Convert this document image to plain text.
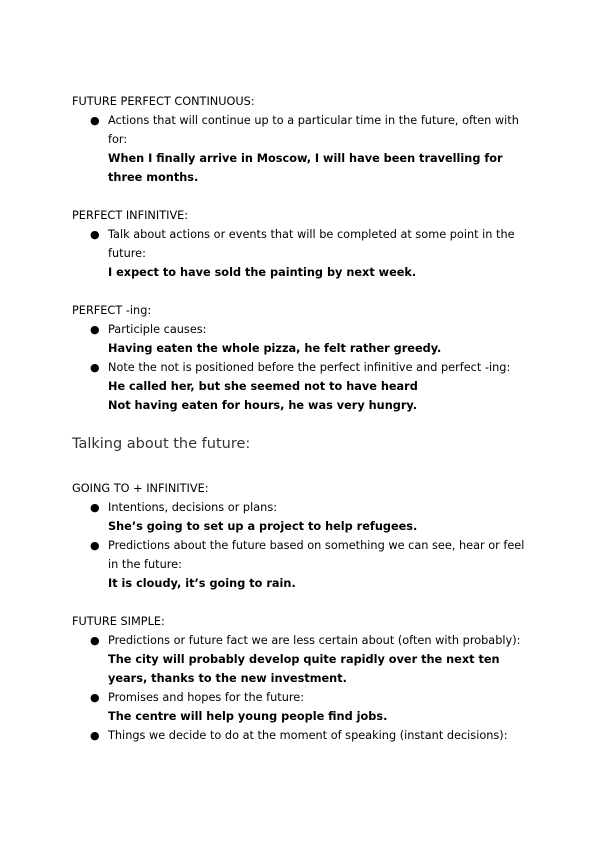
FUTURE PERFECT CONTINUOUS:

● Actions that will continue up to a particular time in the future, often with for:
When I finally arrive in Moscow, I will have been travelling for three months.

PERFECT INFINITIVE:

● Talk about actions or events that will be completed at some point in the future:
I expect to have sold the painting by next week.

PERFECT -ing:

● Participle causes:
Having eaten the whole pizza, he felt rather greedy.
● Note the not is positioned before the perfect infinitive and perfect -ing:
He called her, but she seemed not to have heard
Not having eaten for hours, he was very hungry.

Talking about the future:

GOING TO + INFINITIVE:

● Intentions, decisions or plans:
She’s going to set up a project to help refugees.
● Predictions about the future based on something we can see, hear or feel in the future:
It is cloudy, it’s going to rain.

FUTURE SIMPLE:

● Predictions or future fact we are less certain about (often with probably):
The city will probably develop quite rapidly over the next ten years, thanks to the new investment.
● Promises and hopes for the future:
The centre will help young people find jobs.
● Things we decide to do at the moment of speaking (instant decisions):
